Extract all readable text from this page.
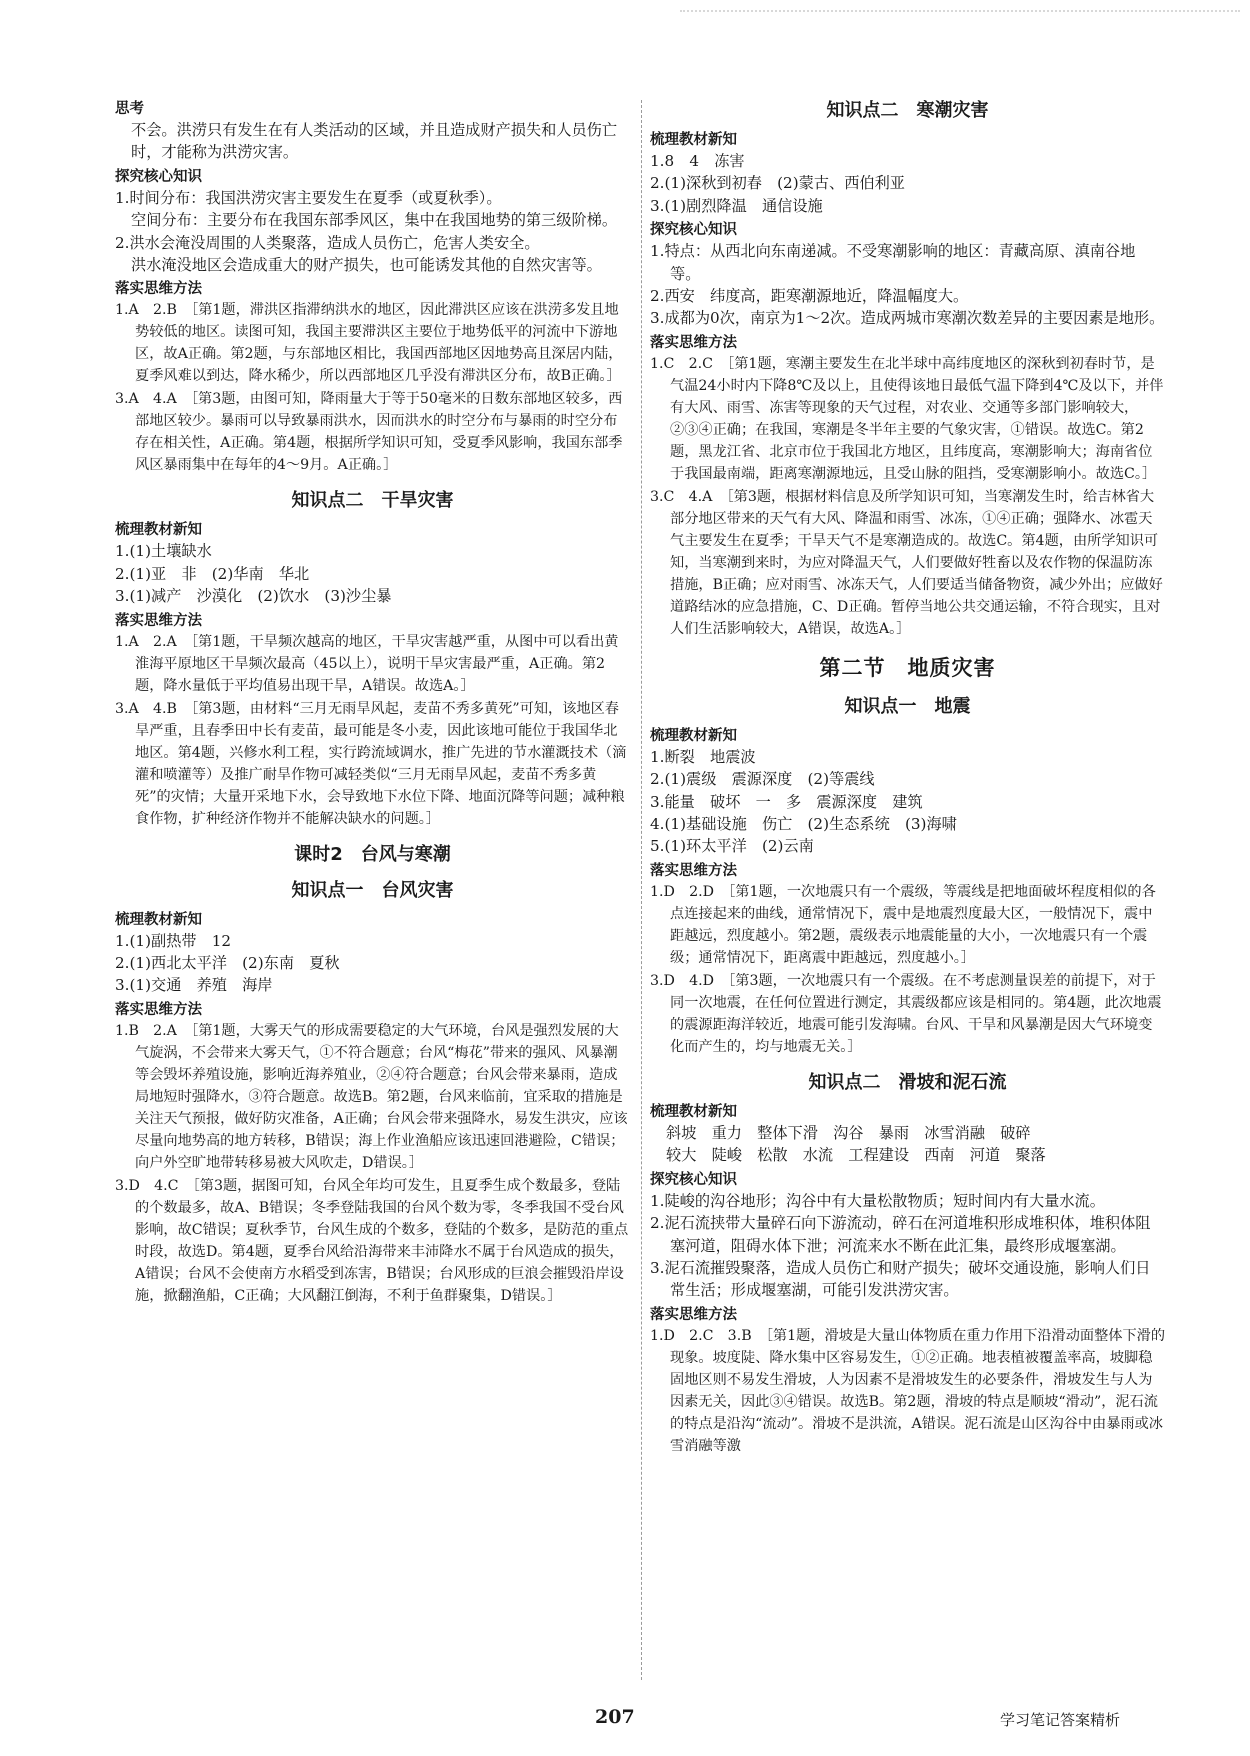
思考
不会。洪涝只有发生在有人类活动的区域，并且造成财产损失和人员伤亡时，才能称为洪涝灾害。
探究核心知识
1.时间分布：我国洪涝灾害主要发生在夏季（或夏秋季）。
空间分布：主要分布在我国东部季风区，集中在我国地势的第三级阶梯。
2.洪水会淹没周围的人类聚落，造成人员伤亡，危害人类安全。
洪水淹没地区会造成重大的财产损失，也可能诱发其他的自然灾害等。
落实思维方法
1.A　2.B　［第1题，滞洪区指滞纳洪水的地区，因此滞洪区应该在洪涝多发且地势较低的地区。读图可知，我国主要滞洪区主要位于地势低平的河流中下游地区，故A正确。第2题，与东部地区相比，我国西部地区因地势高且深居内陆，夏季风难以到达，降水稀少，所以西部地区几乎没有滞洪区分布，故B正确。］
3.A　4.A　［第3题，由图可知，降雨量大于等于50毫米的日数东部地区较多，西部地区较少。暴雨可以导致暴雨洪水，因而洪水的时空分布与暴雨的时空分布存在相关性，A正确。第4题，根据所学知识可知，受夏季风影响，我国东部季风区暴雨集中在每年的4～9月。A正确。］
知识点二　干旱灾害
梳理教材新知
1.(1)土壤缺水
2.(1)亚　非　(2)华南　华北
3.(1)减产　沙漠化　(2)饮水　(3)沙尘暴
落实思维方法
1.A　2.A　［第1题，干旱频次越高的地区，干旱灾害越严重，从图中可以看出黄淮海平原地区干旱频次最高（45以上），说明干旱灾害最严重，A正确。第2题，降水量低于平均值易出现干旱，A错误。故选A。］
3.A　4.B　［第3题，由材料“三月无雨旱风起，麦苗不秀多黄死”可知，该地区春旱严重，且春季田中长有麦苗，最可能是冬小麦，因此该地可能位于我国华北地区。第4题，兴修水利工程，实行跨流域调水，推广先进的节水灌溉技术（滴灌和喷灌等）及推广耐旱作物可减轻类似“三月无雨旱风起，麦苗不秀多黄死”的灾情；大量开采地下水，会导致地下水位下降、地面沉降等问题；减种粮食作物，扩种经济作物并不能解决缺水的问题。］
课时2　台风与寒潮
知识点一　台风灾害
梳理教材新知
1.(1)副热带　12
2.(1)西北太平洋　(2)东南　夏秋
3.(1)交通　养殖　海岸
落实思维方法
1.B　2.A　［第1题，大雾天气的形成需要稳定的大气环境，台风是强烈发展的大气旋涡，不会带来大雾天气，①不符合题意；台风“梅花”带来的强风、风暴潮等会毁坏养殖设施，影响近海养殖业，②④符合题意；台风会带来暴雨，造成局地短时强降水，③符合题意。故选B。第2题，台风来临前，宜采取的措施是关注天气预报，做好防灾准备，A正确；台风会带来强降水，易发生洪灾，应该尽量向地势高的地方转移，B错误；海上作业渔船应该迅速回港避险，C错误；向户外空旷地带转移易被大风吹走，D错误。］
3.D　4.C　［第3题，据图可知，台风全年均可发生，且夏季生成个数最多，登陆的个数最多，故A、B错误；冬季登陆我国的台风个数为零，冬季我国不受台风影响，故C错误；夏秋季节，台风生成的个数多，登陆的个数多，是防范的重点时段，故选D。第4题，夏季台风给沿海带来丰沛降水不属于台风造成的损失，A错误；台风不会使南方水稻受到冻害，B错误；台风形成的巨浪会摧毁沿岸设施，掀翻渔船，C正确；大风翻江倒海，不利于鱼群聚集，D错误。］
知识点二　寒潮灾害
梳理教材新知
1.8　4　冻害
2.(1)深秋到初春　(2)蒙古、西伯利亚
3.(1)剧烈降温　通信设施
探究核心知识
1.特点：从西北向东南递减。不受寒潮影响的地区：青藏高原、滇南谷地等。
2.西安　纬度高，距寒潮源地近，降温幅度大。
3.成都为0次，南京为1～2次。造成两城市寒潮次数差异的主要因素是地形。
落实思维方法
1.C　2.C　［第1题，寒潮主要发生在北半球中高纬度地区的深秋到初春时节，是气温24小时内下降8℃及以上，且使得该地日最低气温下降到4℃及以下，并伴有大风、雨雪、冻害等现象的天气过程，对农业、交通等多部门影响较大，②③④正确；在我国，寒潮是冬半年主要的气象灾害，①错误。故选C。第2题，黑龙江省、北京市位于我国北方地区，且纬度高，寒潮影响大；海南省位于我国最南端，距离寒潮源地远，且受山脉的阻挡，受寒潮影响小。故选C。］
3.C　4.A　［第3题，根据材料信息及所学知识可知，当寒潮发生时，给吉林省大部分地区带来的天气有大风、降温和雨雪、冰冻，①④正确；强降水、冰雹天气主要发生在夏季；干旱天气不是寒潮造成的。故选C。第4题，由所学知识可知，当寒潮到来时，为应对降温天气，人们要做好牲畜以及农作物的保温防冻措施，B正确；应对雨雪、冰冻天气，人们要适当储备物资，减少外出；应做好道路结冰的应急措施，C、D正确。暂停当地公共交通运输，不符合现实，且对人们生活影响较大，A错误，故选A。］
第二节　地质灾害
知识点一　地震
梳理教材新知
1.断裂　地震波
2.(1)震级　震源深度　(2)等震线
3.能量　破坏　一　多　震源深度　建筑
4.(1)基础设施　伤亡　(2)生态系统　(3)海啸
5.(1)环太平洋　(2)云南
落实思维方法
1.D　2.D　［第1题，一次地震只有一个震级，等震线是把地面破坏程度相似的各点连接起来的曲线，通常情况下，震中是地震烈度最大区，一般情况下，震中距越远，烈度越小。第2题，震级表示地震能量的大小，一次地震只有一个震级；通常情况下，距离震中距越远，烈度越小。］
3.D　4.D　［第3题，一次地震只有一个震级。在不考虑测量误差的前提下，对于同一次地震，在任何位置进行测定，其震级都应该是相同的。第4题，此次地震的震源距海洋较近，地震可能引发海啸。台风、干旱和风暴潮是因大气环境变化而产生的，均与地震无关。］
知识点二　滑坡和泥石流
梳理教材新知
斜坡　重力　整体下滑　沟谷　暴雨　冰雪消融　破碎
较大　陡峻　松散　水流　工程建设　西南　河道　聚落
探究核心知识
1.陡峻的沟谷地形；沟谷中有大量松散物质；短时间内有大量水流。
2.泥石流挟带大量碎石向下游流动，碎石在河道堆积形成堆积体，堆积体阻塞河道，阻碍水体下泄；河流来水不断在此汇集，最终形成堰塞湖。
3.泥石流摧毁聚落，造成人员伤亡和财产损失；破坏交通设施，影响人们日常生活；形成堰塞湖，可能引发洪涝灾害。
落实思维方法
1.D　2.C　3.B　［第1题，滑坡是大量山体物质在重力作用下沿滑动面整体下滑的现象。坡度陡、降水集中区容易发生，①②正确。地表植被覆盖率高，坡脚稳固地区则不易发生滑坡，人为因素不是滑坡发生的必要条件，滑坡发生与人为因素无关，因此③④错误。故选B。第2题，滑坡的特点是顺坡“滑动”，泥石流的特点是沿沟“流动”。滑坡不是洪流，A错误。泥石流是山区沟谷中由暴雨或冰雪消融等激
207	学习笔记答案精析
